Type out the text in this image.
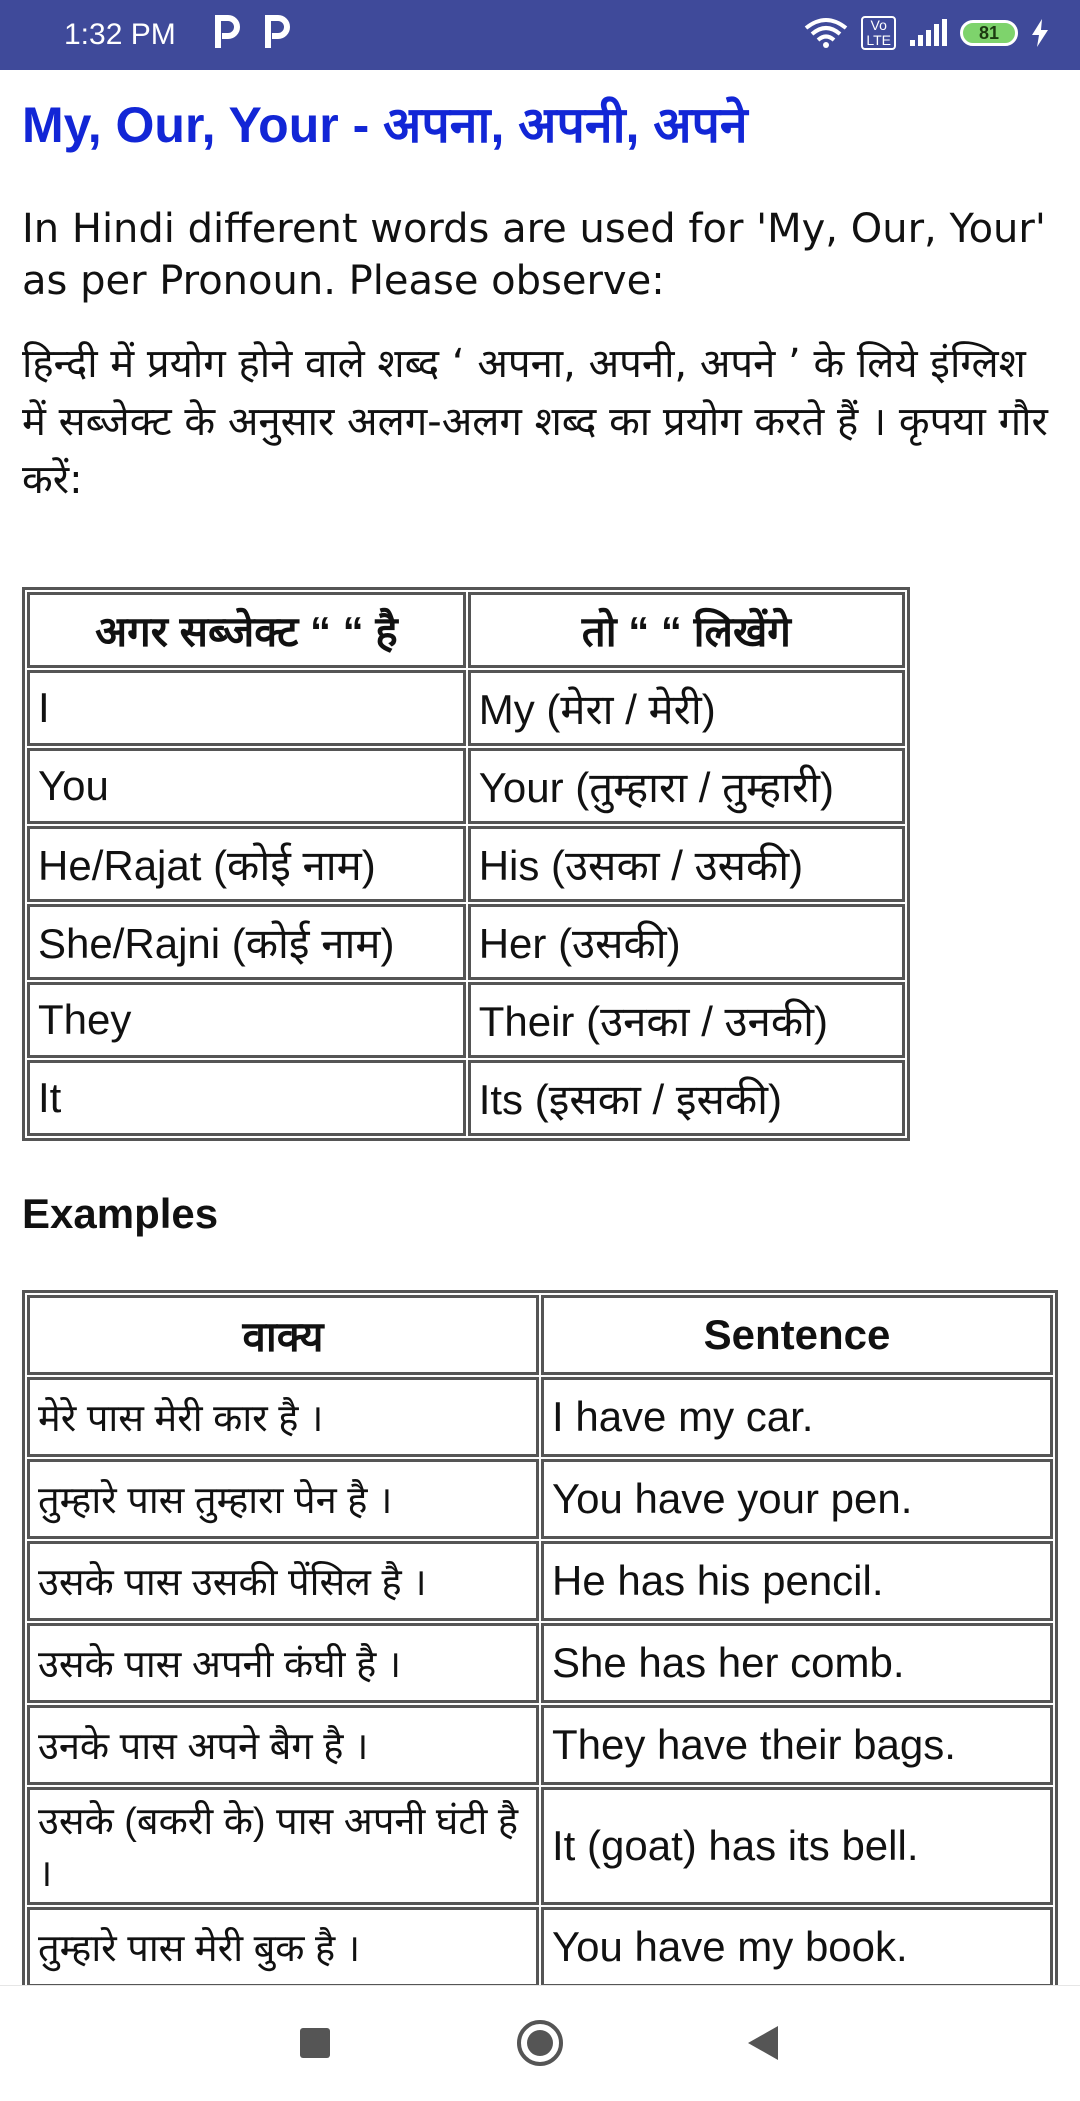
1:32 PM	Vo
LTE	81
My, Our, Your - अपना, अपनी, अपने

In Hindi different words are used for 'My, Our, Your' as per Pronoun. Please observe:

हिन्दी में प्रयोग होने वाले शब्द ‘ अपना, अपनी, अपने ’ के लिये इंग्लिश में सब्जेक्ट के अनुसार अलग-अलग शब्द का प्रयोग करते हैं । कृपया गौर करें:

अगर सब्जेक्ट “ “ है	तो “ “ लिखेंगे
I	My (मेरा / मेरी)
You	Your (तुम्हारा / तुम्हारी)
He/Rajat (कोई नाम)	His (उसका / उसकी)
She/Rajni (कोई नाम)	Her (उसकी)
They	Their (उनका / उनकी)
It	Its (इसका / इसकी)
Examples
वाक्य	Sentence
मेरे पास मेरी कार है ।	I have my car.
तुम्हारे पास तुम्हारा पेन है ।	You have your pen.
उसके पास उसकी पेंसिल है ।	He has his pencil.
उसके पास अपनी कंघी है ।	She has her comb.
उनके पास अपने बैग है ।	They have their bags.
उसके (बकरी के) पास अपनी घंटी है ।	It (goat) has its bell.
तुम्हारे पास मेरी बुक है ।	You have my book.
